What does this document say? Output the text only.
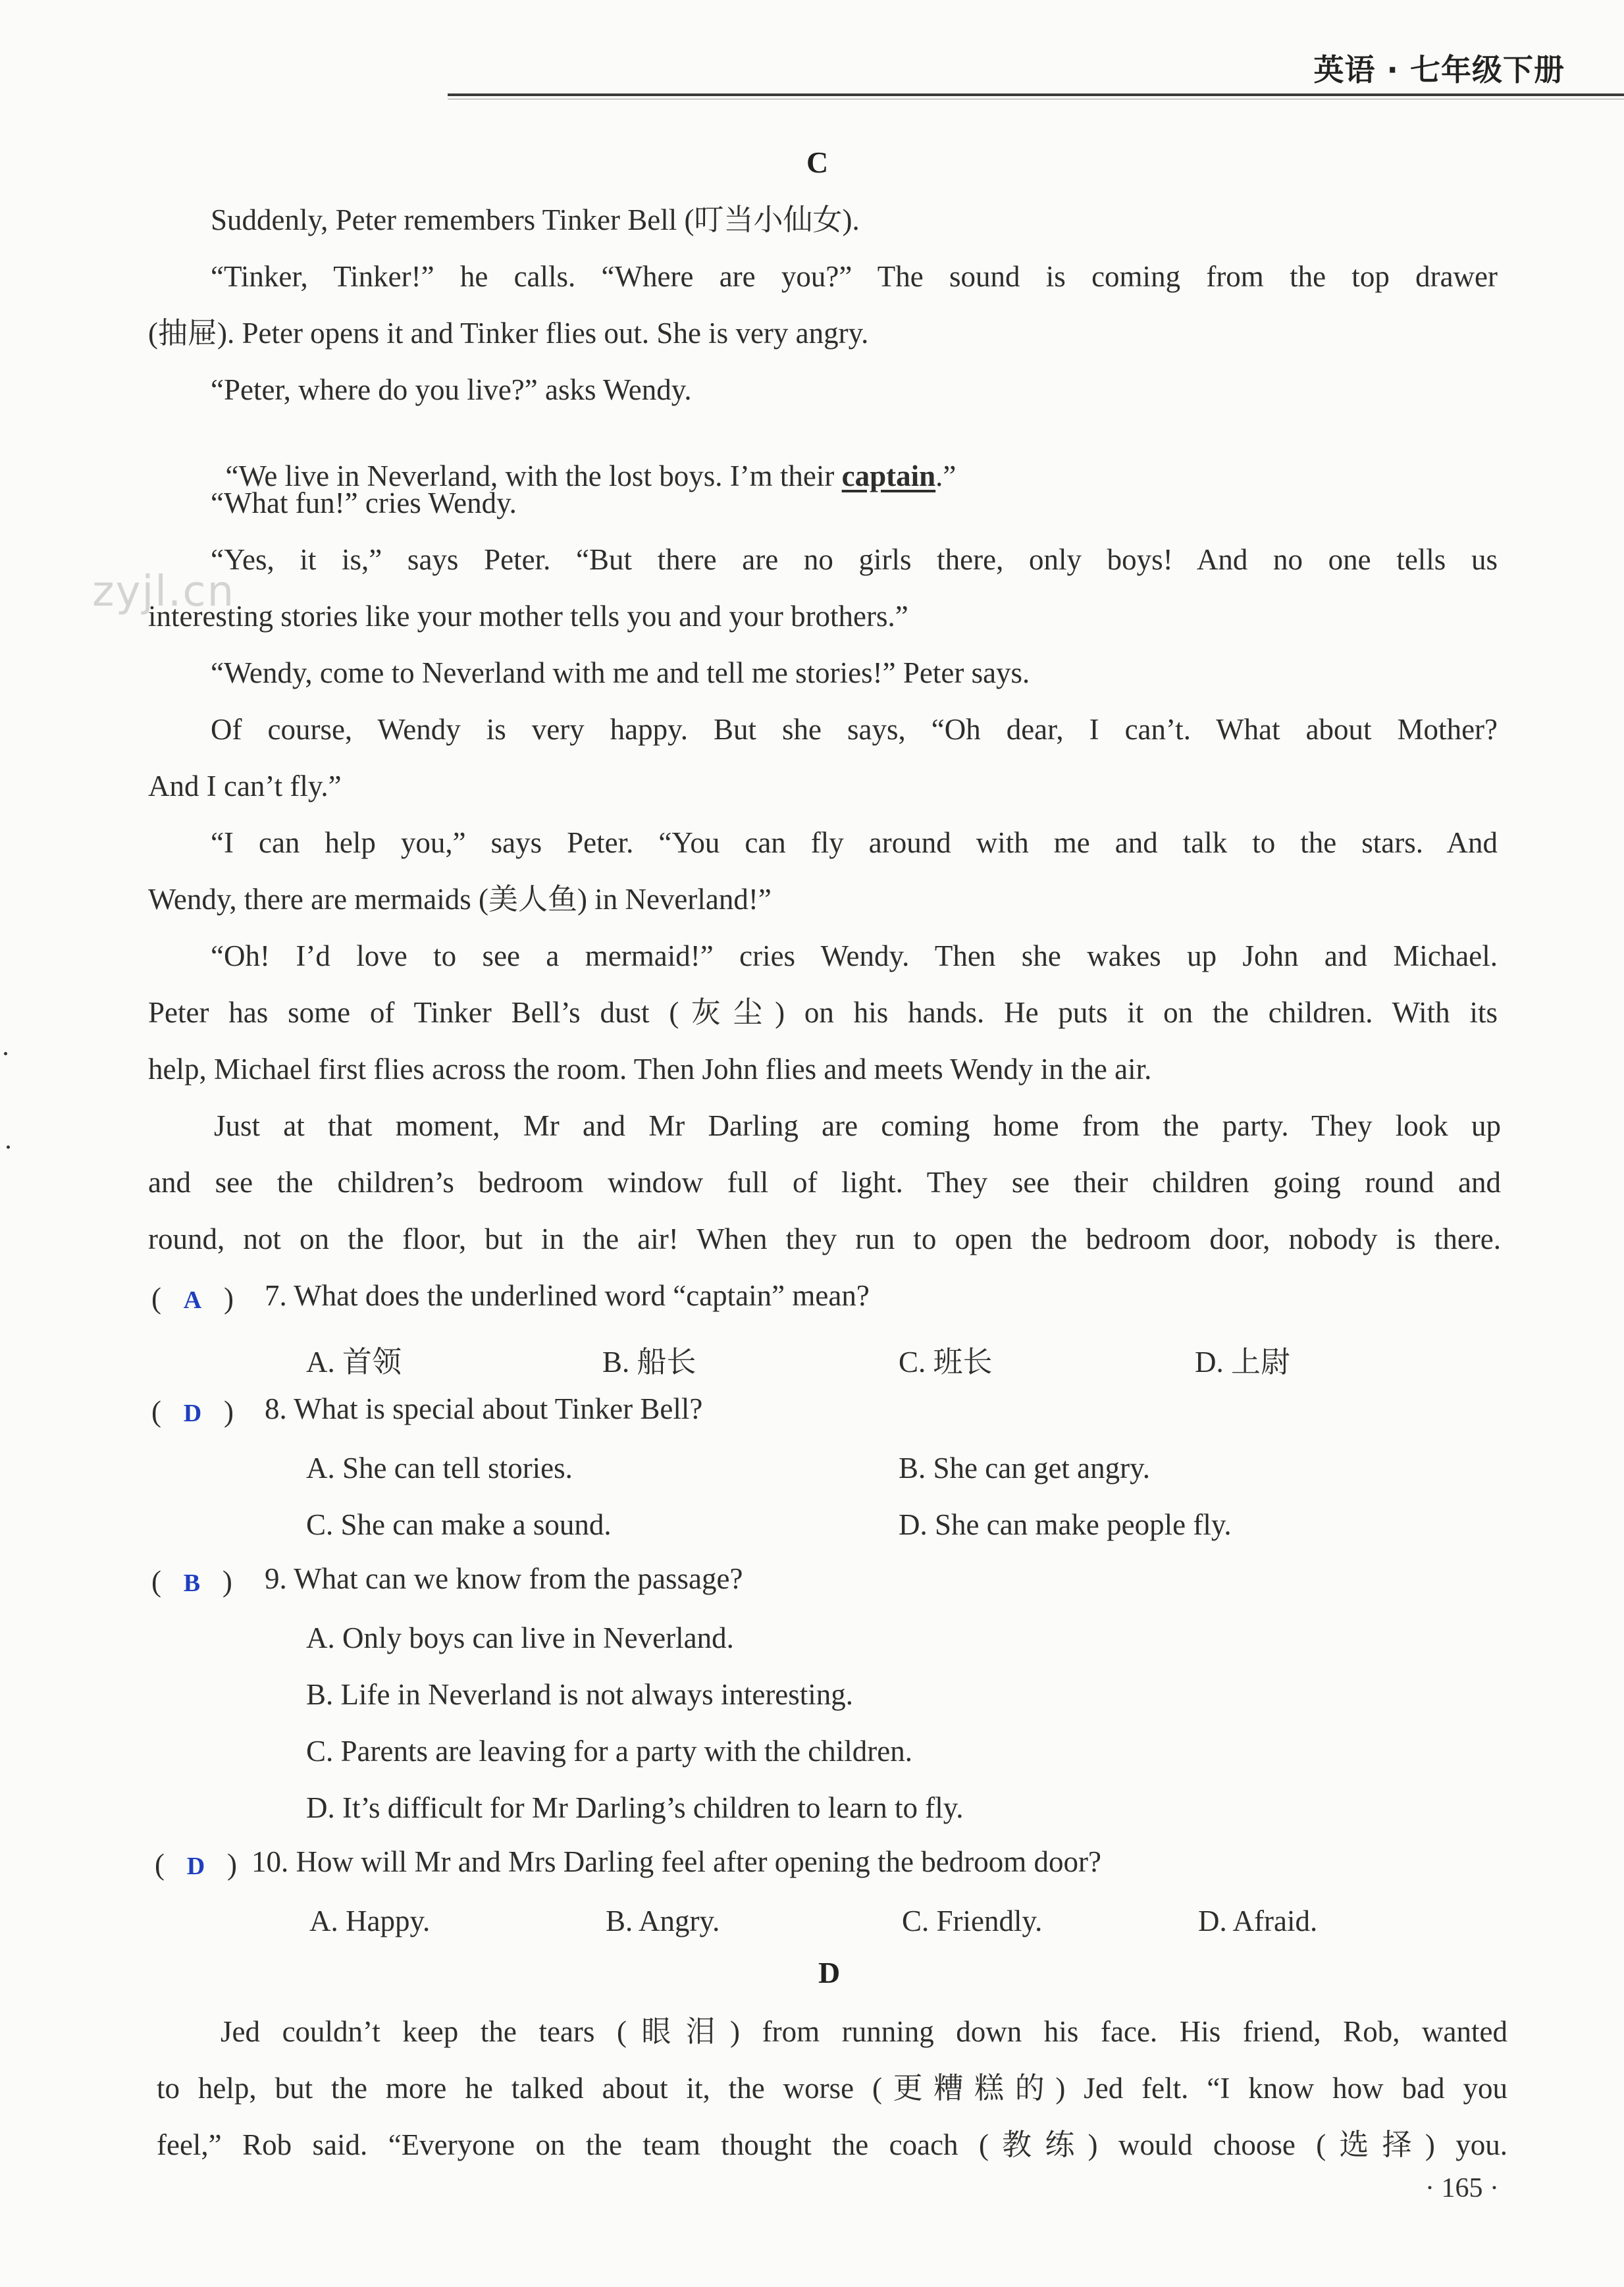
英语 · 七年级下册
zyjl.cn
C
Suddenly, Peter remembers Tinker Bell (叮当小仙女).
“Tinker, Tinker!” he calls. “Where are you?” The sound is coming from the top drawer
(抽屉). Peter opens it and Tinker flies out. She is very angry.
“Peter, where do you live?” asks Wendy.

“We live in Neverland, with the lost boys. I’m their captain.”

“What fun!” cries Wendy.
“Yes, it is,” says Peter. “But there are no girls there, only boys! And no one tells us
interesting stories like your mother tells you and your brothers.”
“Wendy, come to Neverland with me and tell me stories!” Peter says.
Of course, Wendy is very happy. But she says, “Oh dear, I can’t. What about Mother?
And I can’t fly.”
“I can help you,” says Peter. “You can fly around with me and talk to the stars. And
Wendy, there are mermaids (美人鱼) in Neverland!”
“Oh! I’d love to see a mermaid!” cries Wendy. Then she wakes up John and Michael.
Peter has some of Tinker Bell’s dust (灰尘) on his hands. He puts it on the children. With its
help, Michael first flies across the room. Then John flies and meets Wendy in the air.
Just at that moment, Mr and Mr Darling are coming home from the party. They look up
and see the children’s bedroom window full of light. They see their children going round and
round, not on the floor, but in the air! When they run to open the bedroom door, nobody is there.
(   A   ) 7. What does the underlined word “captain” mean?
A. 首领	B. 船长	C. 班长	D. 上尉
(   D   ) 8. What is special about Tinker Bell?
A. She can tell stories.	B. She can get angry.
C. She can make a sound.	D. She can make people fly.
(   B   ) 9. What can we know from the passage?
A. Only boys can live in Neverland.
B. Life in Neverland is not always interesting.
C. Parents are leaving for a party with the children.
D. It’s difficult for Mr Darling’s children to learn to fly.
(   D   ) 10. How will Mr and Mrs Darling feel after opening the bedroom door?
A. Happy.	B. Angry.	C. Friendly.	D. Afraid.
D
Jed couldn’t keep the tears (眼泪) from running down his face. His friend, Rob, wanted
to help, but the more he talked about it, the worse (更糟糕的) Jed felt. “I know how bad you
feel,” Rob said. “Everyone on the team thought the coach (教练) would choose (选择) you.
· 165 ·
